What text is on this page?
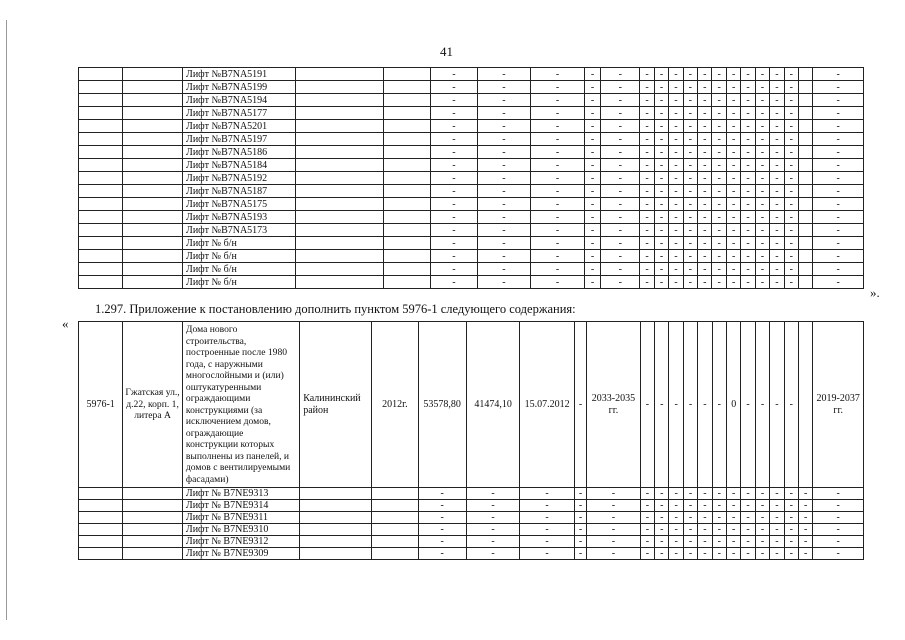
41
		Лифт №B7NA5191			-	-	-	-	-	-	-	-	-	-	-	-	-	-	-	-		-
		Лифт №B7NA5199			-	-	-	-	-	-	-	-	-	-	-	-	-	-	-	-		-
		Лифт №B7NA5194			-	-	-	-	-	-	-	-	-	-	-	-	-	-	-	-		-
		Лифт №B7NA5177			-	-	-	-	-	-	-	-	-	-	-	-	-	-	-	-		-
		Лифт №B7NA5201			-	-	-	-	-	-	-	-	-	-	-	-	-	-	-	-		-
		Лифт №B7NA5197			-	-	-	-	-	-	-	-	-	-	-	-	-	-	-	-		-
		Лифт №B7NA5186			-	-	-	-	-	-	-	-	-	-	-	-	-	-	-	-		-
		Лифт №B7NA5184			-	-	-	-	-	-	-	-	-	-	-	-	-	-	-	-		-
		Лифт №B7NA5192			-	-	-	-	-	-	-	-	-	-	-	-	-	-	-	-		-
		Лифт №B7NA5187			-	-	-	-	-	-	-	-	-	-	-	-	-	-	-	-		-
		Лифт №B7NA5175			-	-	-	-	-	-	-	-	-	-	-	-	-	-	-	-		-
		Лифт №B7NA5193			-	-	-	-	-	-	-	-	-	-	-	-	-	-	-	-		-
		Лифт №B7NA5173			-	-	-	-	-	-	-	-	-	-	-	-	-	-	-	-		-
		Лифт № б/н			-	-	-	-	-	-	-	-	-	-	-	-	-	-	-	-		-
		Лифт № б/н			-	-	-	-	-	-	-	-	-	-	-	-	-	-	-	-		-
		Лифт № б/н			-	-	-	-	-	-	-	-	-	-	-	-	-	-	-	-		-
		Лифт № б/н			-	-	-	-	-	-	-	-	-	-	-	-	-	-	-	-		-
».
1.297. Приложение к постановлению дополнить пунктом 5976-1 следующего содержания:
«
5976-1	Гжатская ул., д.22, корп. 1, литера А	Дома нового строительства, построенные после 1980 года, с наружными многослойными и (или) оштукатуренными ограждающими конструкциями (за исключением домов, ограждающие конструкции которых выполнены из панелей, и домов с вентилируемыми фасадами)	Калининский район	2012г.	53578,80	41474,10	15.07.2012	-	2033-2035 гг.	-	-	-	-	-	-	0	-	-	-	-		2019-2037 гг.
		Лифт № B7NE9313			-	-	-	-	-	-	-	-	-	-	-	-	-	-	-	-	-	-
		Лифт № B7NE9314			-	-	-	-	-	-	-	-	-	-	-	-	-	-	-	-	-	-
		Лифт № B7NE9311			-	-	-	-	-	-	-	-	-	-	-	-	-	-	-	-	-	-
		Лифт № B7NE9310			-	-	-	-	-	-	-	-	-	-	-	-	-	-	-	-	-	-
		Лифт № B7NE9312			-	-	-	-	-	-	-	-	-	-	-	-	-	-	-	-	-	-
		Лифт № B7NE9309			-	-	-	-	-	-	-	-	-	-	-	-	-	-	-	-	-	-
